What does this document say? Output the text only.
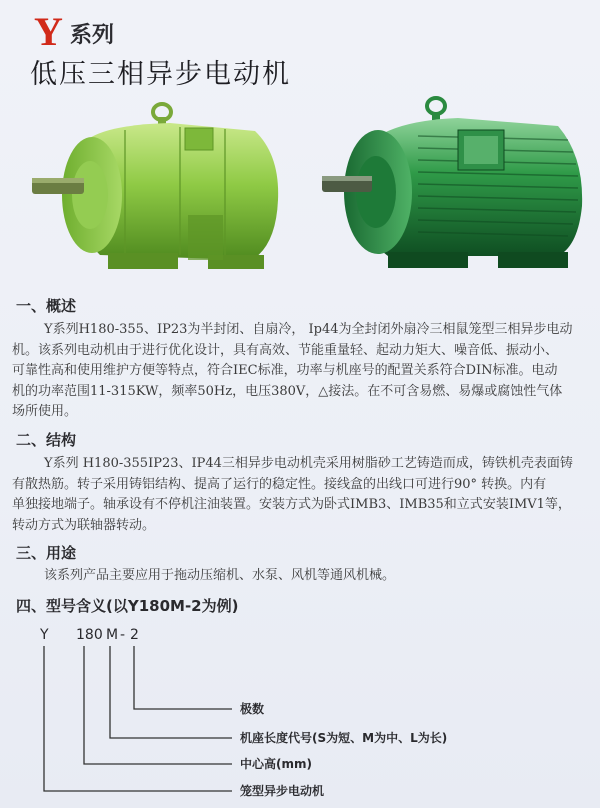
Y 系列
低压三相异步电动机
一、概述
Y系列H180-355、IP23为半封闭、自扇冷， Ip44为全封闭外扇冷三相鼠笼型三相异步电动
机。该系列电动机由于进行优化设计，具有高效、节能重量轻、起动力矩大、噪音低、振动小、
可靠性高和使用维护方便等特点，符合IEC标准，功率与机座号的配置关系符合DIN标准。电动
机的功率范围11-315KW，频率50Hz，电压380V，△接法。在不可含易燃、易爆或腐蚀性气体
场所使用。
二、结构
Y系列 H180-355IP23、IP44三相异步电动机壳采用树脂砂工艺铸造而成，铸铁机壳表面铸
有散热筋。转子采用铸铝结构、提高了运行的稳定性。接线盒的出线口可进行90° 转换。内有
单独接地端子。轴承设有不停机注油装置。安装方式为卧式IMB3、IMB35和立式安装IMV1等，
转动方式为联轴器转动。
三、用途
该系列产品主要应用于拖动压缩机、水泵、风机等通风机械。
四、型号含义(以Y180M-2为例)
Y 180 M - 2
极数
机座长度代号(S为短、M为中、L为长)
中心高(mm)
笼型异步电动机
